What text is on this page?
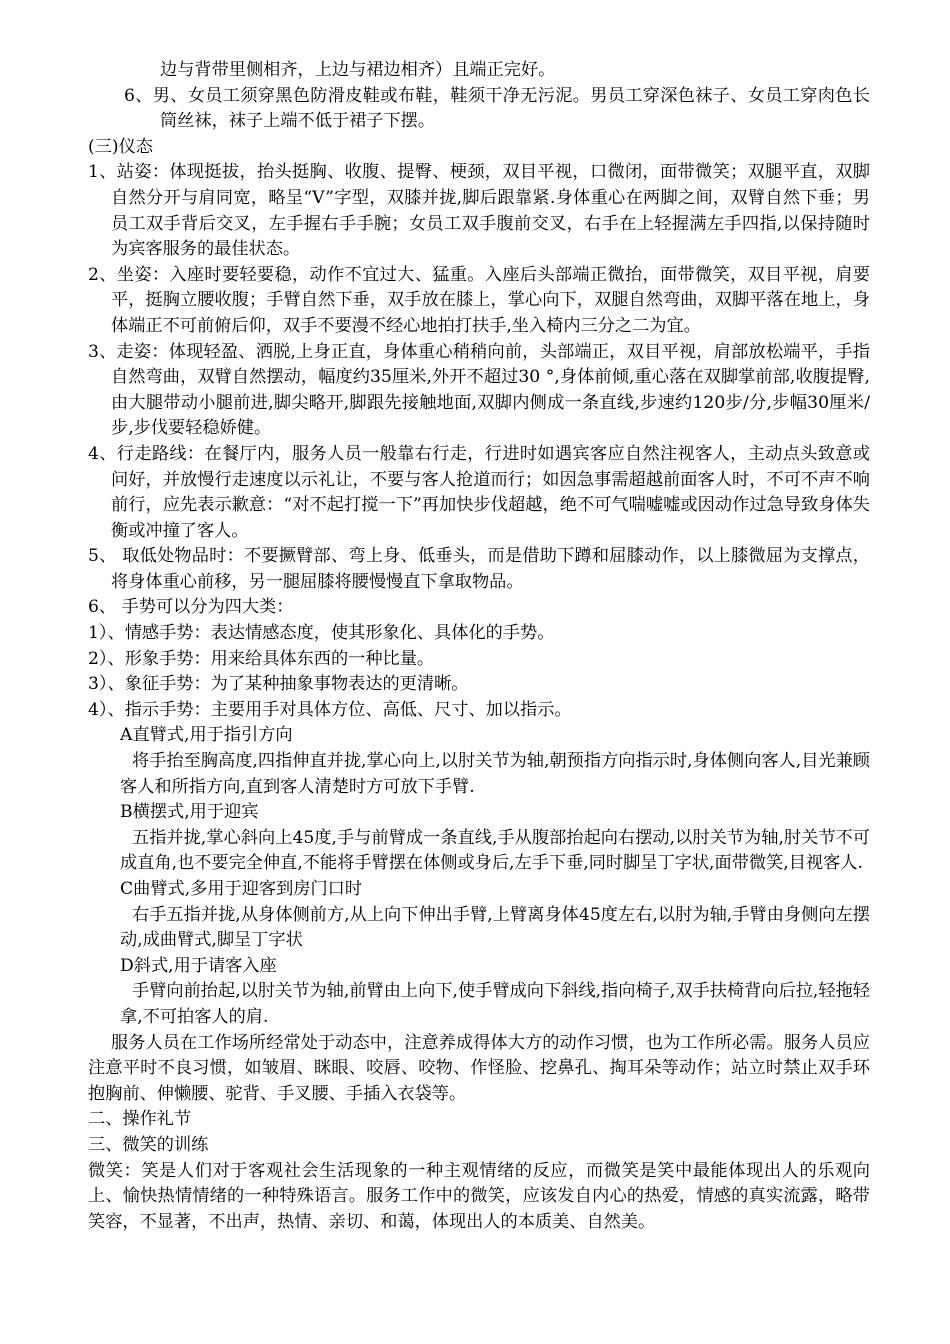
边与背带里侧相齐，上边与裙边相齐）且端正完好。

6、男、女员工须穿黑色防滑皮鞋或布鞋，鞋须干净无污泥。男员工穿深色袜子、女员工穿肉色长筒丝袜，袜子上端不低于裙子下摆。

(三)仪态

1、站姿：体现挺拔，抬头挺胸、收腹、提臀、梗颈，双目平视，口微闭，面带微笑；双腿平直，双脚自然分开与肩同宽，略呈“V”字型，双膝并拢,脚后跟靠紧.身体重心在两脚之间，双臂自然下垂；男员工双手背后交叉，左手握右手手腕；女员工双手腹前交叉，右手在上轻握满左手四指,以保持随时为宾客服务的最佳状态。

2、坐姿：入座时要轻要稳，动作不宜过大、猛重。入座后头部端正微抬，面带微笑，双目平视，肩要平，挺胸立腰收腹；手臂自然下垂，双手放在膝上，掌心向下，双腿自然弯曲，双脚平落在地上，身体端正不可前俯后仰，双手不要漫不经心地拍打扶手,坐入椅内三分之二为宜。

3、走姿：体现轻盈、洒脱,上身正直，身体重心稍稍向前，头部端正，双目平视，肩部放松端平，手指自然弯曲，双臂自然摆动，幅度约35厘米,外开不超过30 °,身体前倾,重心落在双脚掌前部,收腹提臀,由大腿带动小腿前进,脚尖略开,脚跟先接触地面,双脚内侧成一条直线,步速约120步/分,步幅30厘米/步,步伐要轻稳娇健。

4、行走路线：在餐厅内，服务人员一般靠右行走，行进时如遇宾客应自然注视客人，主动点头致意或问好，并放慢行走速度以示礼让，不要与客人抢道而行；如因急事需超越前面客人时，不可不声不响前行，应先表示歉意：“对不起打搅一下”再加快步伐超越，绝不可气喘嘘嘘或因动作过急导致身体失衡或冲撞了客人。

5、 取低处物品时：不要撅臂部、弯上身、低垂头，而是借助下蹲和屈膝动作，以上膝微屈为支撑点，将身体重心前移，另一腿屈膝将腰慢慢直下拿取物品。

6、 手势可以分为四大类：

1）、情感手势：表达情感态度，使其形象化、具体化的手势。

2）、形象手势：用来给具体东西的一种比量。

3）、象征手势：为了某种抽象事物表达的更清晰。

4）、指示手势：主要用手对具体方位、高低、尺寸、加以指示。

A直臂式,用于指引方向

将手抬至胸高度,四指伸直并拢,掌心向上,以肘关节为轴,朝预指方向指示时,身体侧向客人,目光兼顾客人和所指方向,直到客人清楚时方可放下手臂.

B横摆式,用于迎宾

五指并拢,掌心斜向上45度,手与前臂成一条直线,手从腹部抬起向右摆动,以肘关节为轴,肘关节不可成直角,也不要完全伸直,不能将手臂摆在体侧或身后,左手下垂,同时脚呈丁字状,面带微笑,目视客人.

C曲臂式,多用于迎客到房门口时

右手五指并拢,从身体侧前方,从上向下伸出手臂,上臂离身体45度左右,以肘为轴,手臂由身侧向左摆动,成曲臂式,脚呈丁字状

D斜式,用于请客入座

手臂向前抬起,以肘关节为轴,前臂由上向下,使手臂成向下斜线,指向椅子,双手扶椅背向后拉,轻拖轻拿,不可拍客人的肩.

服务人员在工作场所经常处于动态中，注意养成得体大方的动作习惯，也为工作所必需。服务人员应注意平时不良习惯，如皱眉、眯眼、咬唇、咬物、作怪脸、挖鼻孔、掏耳朵等动作；站立时禁止双手环抱胸前、伸懒腰、驼背、手叉腰、手插入衣袋等。

二、操作礼节

三、微笑的训练

微笑：笑是人们对于客观社会生活现象的一种主观情绪的反应，而微笑是笑中最能体现出人的乐观向上、愉快热情情绪的一种特殊语言。服务工作中的微笑，应该发自内心的热爱，情感的真实流露，略带笑容，不显著，不出声，热情、亲切、和蔼，体现出人的本质美、自然美。
